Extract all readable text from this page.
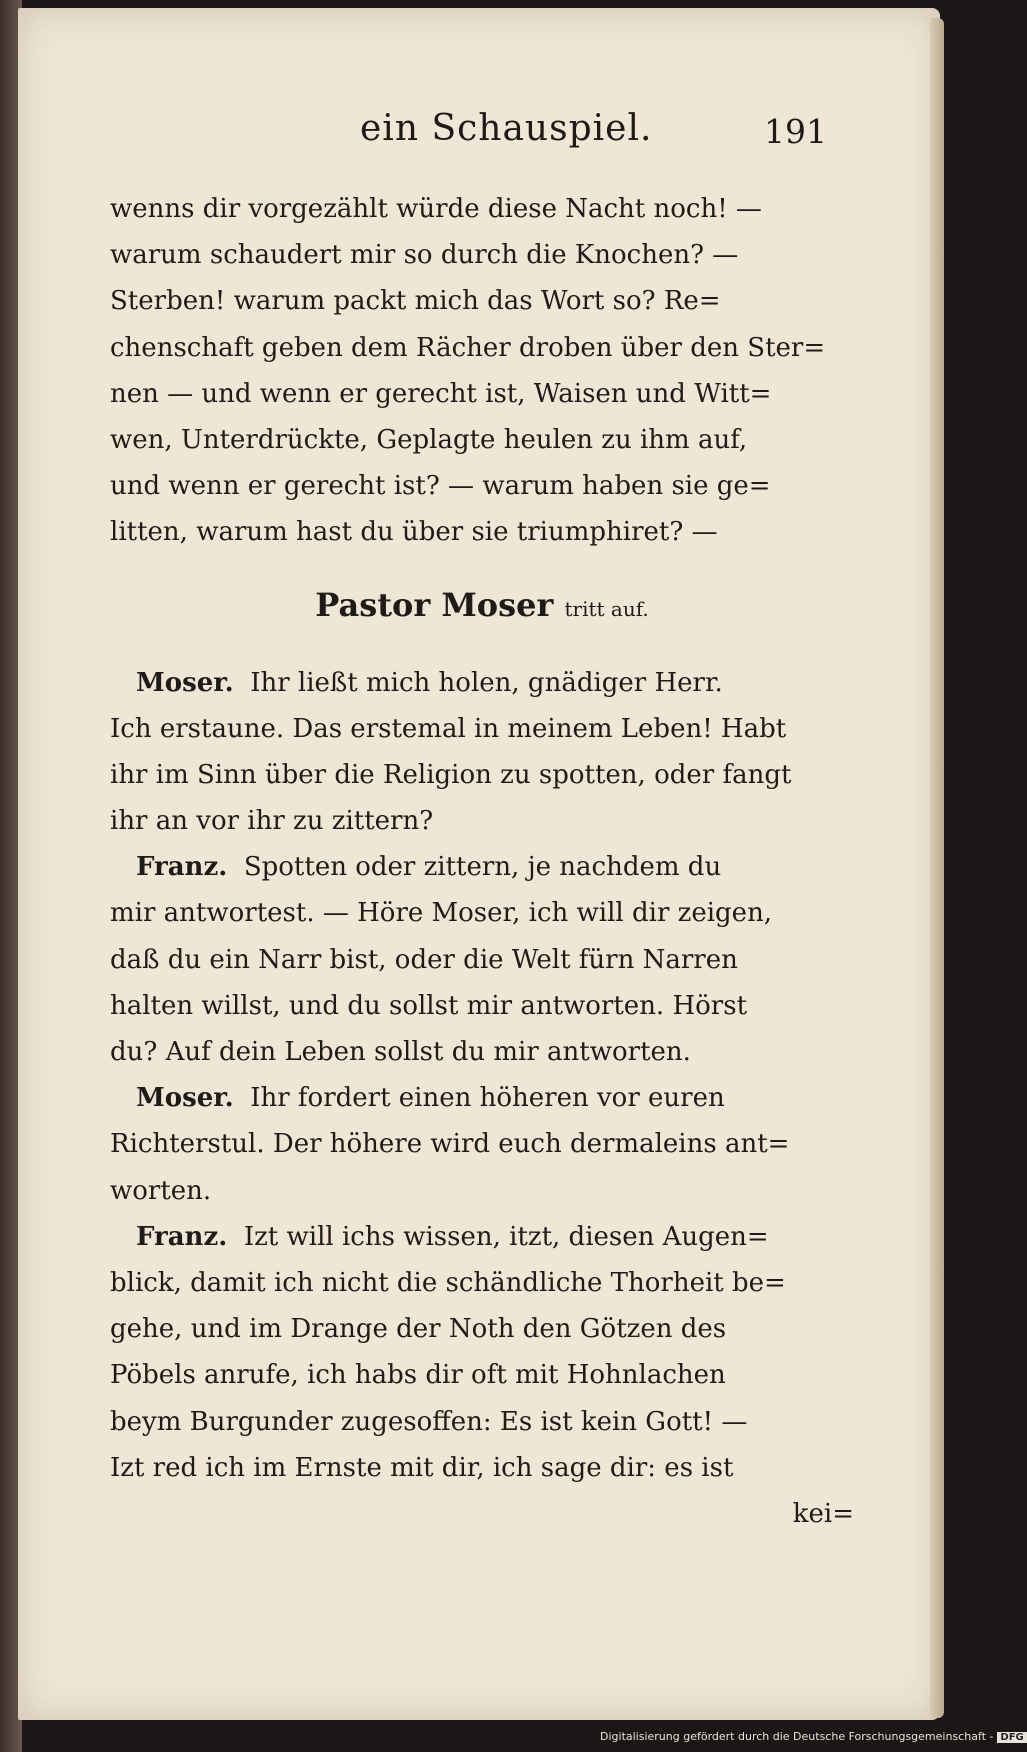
ein Schauspiel.	191
wenns dir vorgezählt würde diese Nacht noch! —
warum schaudert mir so durch die Knochen? —
Sterben! warum packt mich das Wort so? Re=
chenschaft geben dem Rächer droben über den Ster=
nen — und wenn er gerecht ist, Waisen und Witt=
wen, Unterdrückte, Geplagte heulen zu ihm auf,
und wenn er gerecht ist? — warum haben sie ge=
litten, warum hast du über sie triumphiret? —
Pastor Moser tritt auf.
Moser. Ihr ließt mich holen, gnädiger Herr.
Ich erstaune. Das erstemal in meinem Leben! Habt
ihr im Sinn über die Religion zu spotten, oder fangt
ihr an vor ihr zu zittern?
Franz. Spotten oder zittern, je nachdem du
mir antwortest. — Höre Moser, ich will dir zeigen,
daß du ein Narr bist, oder die Welt fürn Narren
halten willst, und du sollst mir antworten. Hörst
du? Auf dein Leben sollst du mir antworten.
Moser. Ihr fordert einen höheren vor euren
Richterstul. Der höhere wird euch dermaleins ant=
worten.
Franz. Izt will ichs wissen, itzt, diesen Augen=
blick, damit ich nicht die schändliche Thorheit be=
gehe, und im Drange der Noth den Götzen des
Pöbels anrufe, ich habs dir oft mit Hohnlachen
beym Burgunder zugesoffen: Es ist kein Gott! —
Izt red ich im Ernste mit dir, ich sage dir: es ist
kei=
Digitalisierung gefördert durch die Deutsche Forschungsgemeinschaft - DFG
